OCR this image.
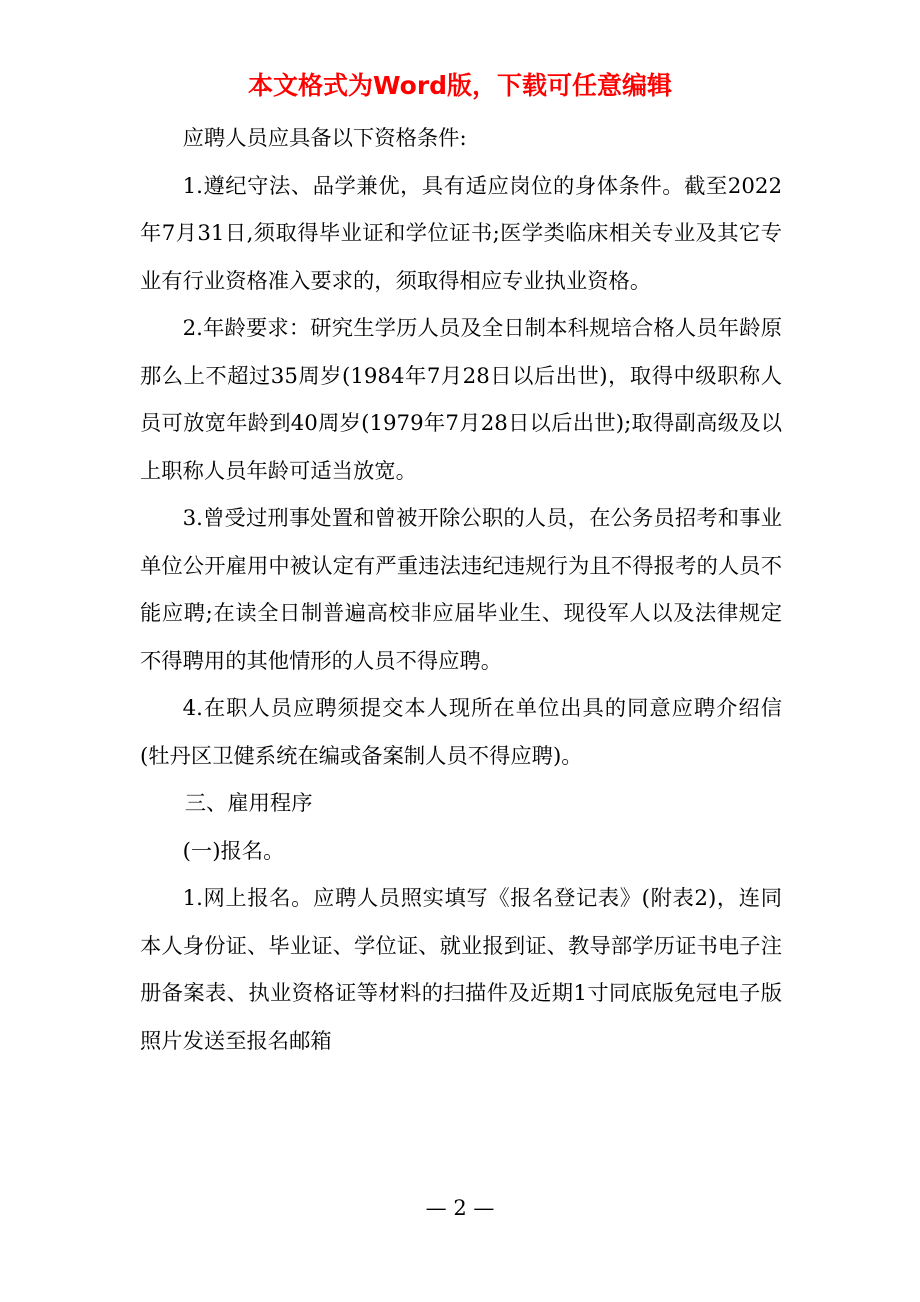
本文格式为Word版，下载可任意编辑

应聘人员应具备以下资格条件:

1.遵纪守法、品学兼优，具有适应岗位的身体条件。截至2022年7月31日,须取得毕业证和学位证书;医学类临床相关专业及其它专业有行业资格准入要求的，须取得相应专业执业资格。

2.年龄要求：研究生学历人员及全日制本科规培合格人员年龄原那么上不超过35周岁(1984年7月28日以后出世)，取得中级职称人员可放宽年龄到40周岁(1979年7月28日以后出世);取得副高级及以上职称人员年龄可适当放宽。

3.曾受过刑事处置和曾被开除公职的人员，在公务员招考和事业单位公开雇用中被认定有严重违法违纪违规行为且不得报考的人员不能应聘;在读全日制普遍高校非应届毕业生、现役军人以及法律规定不得聘用的其他情形的人员不得应聘。

4.在职人员应聘须提交本人现所在单位出具的同意应聘介绍信(牡丹区卫健系统在编或备案制人员不得应聘)。

三、雇用程序

(一)报名。

1.网上报名。应聘人员照实填写《报名登记表》(附表2)，连同本人身份证、毕业证、学位证、就业报到证、教导部学历证书电子注册备案表、执业资格证等材料的扫描件及近期1寸同底版免冠电子版照片发送至报名邮箱

— 2 —
